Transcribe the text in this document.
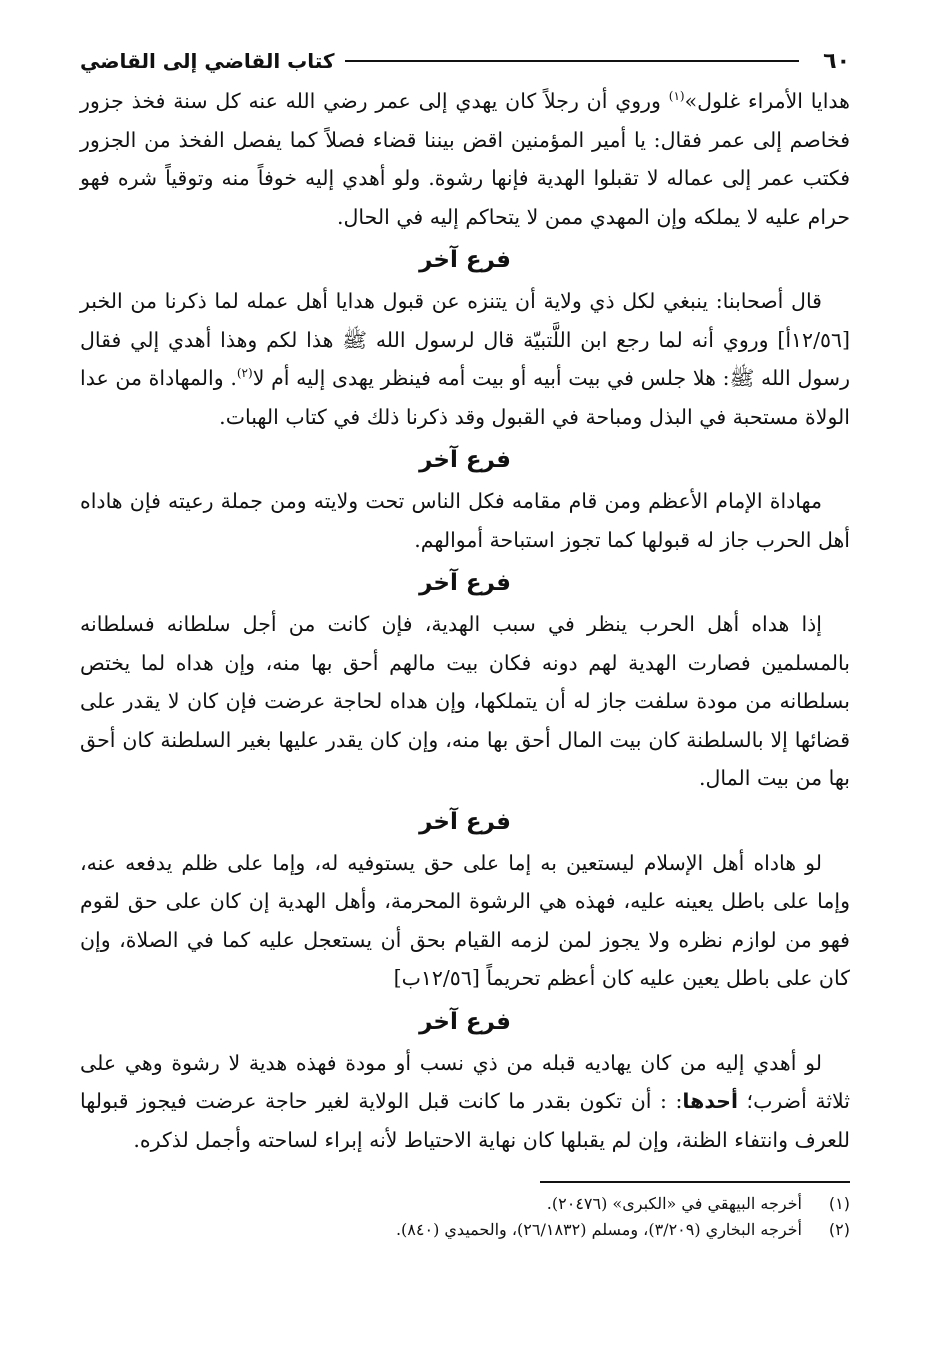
٦٠
كتاب القاضي إلى القاضي

هدايا الأمراء غلول»$^{(١)}$ وروي أن رجلاً كان يهدي إلى عمر رضي الله عنه كل سنة فخذ جزور فخاصم إلى عمر فقال: يا أمير المؤمنين اقض بيننا قضاء فصلاً كما يفصل الفخذ من الجزور فكتب عمر إلى عماله لا تقبلوا الهدية فإنها رشوة. ولو أهدي إليه خوفاً منه وتوقياً شره فهو حرام عليه لا يملكه وإن المهدي ممن لا يتحاكم إليه في الحال.

فرع آخر

قال أصحابنا: ينبغي لكل ذي ولاية أن يتنزه عن قبول هدايا أهل عمله لما ذكرنا من الخبر [١٢/٥٦أ] وروي أنه لما رجع ابن اللَّتبيّة قال لرسول الله ﷺ هذا لكم وهذا أهدي إلي فقال رسول الله ﷺ: هلا جلس في بيت أبيه أو بيت أمه فينظر يهدى إليه أم لا$^{(٢)}$. والمهاداة من عدا الولاة مستحبة في البذل ومباحة في القبول وقد ذكرنا ذلك في كتاب الهبات.

فرع آخر

مهاداة الإمام الأعظم ومن قام مقامه فكل الناس تحت ولايته ومن جملة رعيته فإن هاداه أهل الحرب جاز له قبولها كما تجوز استباحة أموالهم.

فرع آخر

إذا هداه أهل الحرب ينظر في سبب الهدية، فإن كانت من أجل سلطانه فسلطانه بالمسلمين فصارت الهدية لهم دونه فكان بيت مالهم أحق بها منه، وإن هداه لما يختص بسلطانه من مودة سلفت جاز له أن يتملكها، وإن هداه لحاجة عرضت فإن كان لا يقدر على قضائها إلا بالسلطنة كان بيت المال أحق بها منه، وإن كان يقدر عليها بغير السلطنة كان أحق بها من بيت المال.

فرع آخر

لو هاداه أهل الإسلام ليستعين به إما على حق يستوفيه له، وإما على ظلم يدفعه عنه، وإما على باطل يعينه عليه، فهذه هي الرشوة المحرمة، وأهل الهدية إن كان على حق لقوم فهو من لوازم نظره ولا يجوز لمن لزمه القيام بحق أن يستعجل عليه كما في الصلاة، وإن كان على باطل يعين عليه كان أعظم تحريماً [١٢/٥٦ب]

فرع آخر

لو أهدي إليه من كان يهاديه قبله من ذي نسب أو مودة فهذه هدية لا رشوة وهي على ثلاثة أضرب؛ أحدها: : أن تكون بقدر ما كانت قبل الولاية لغير حاجة عرضت فيجوز قبولها للعرف وانتفاء الظنة، وإن لم يقبلها كان نهاية الاحتياط لأنه إبراء لساحته وأجمل لذكره.

(١)
أخرجه البيهقي في «الكبرى» (٢٠٤٧٦).
(٢)
أخرجه البخاري (٣/٢٠٩)، ومسلم (٢٦/١٨٣٢)، والحميدي (٨٤٠).
